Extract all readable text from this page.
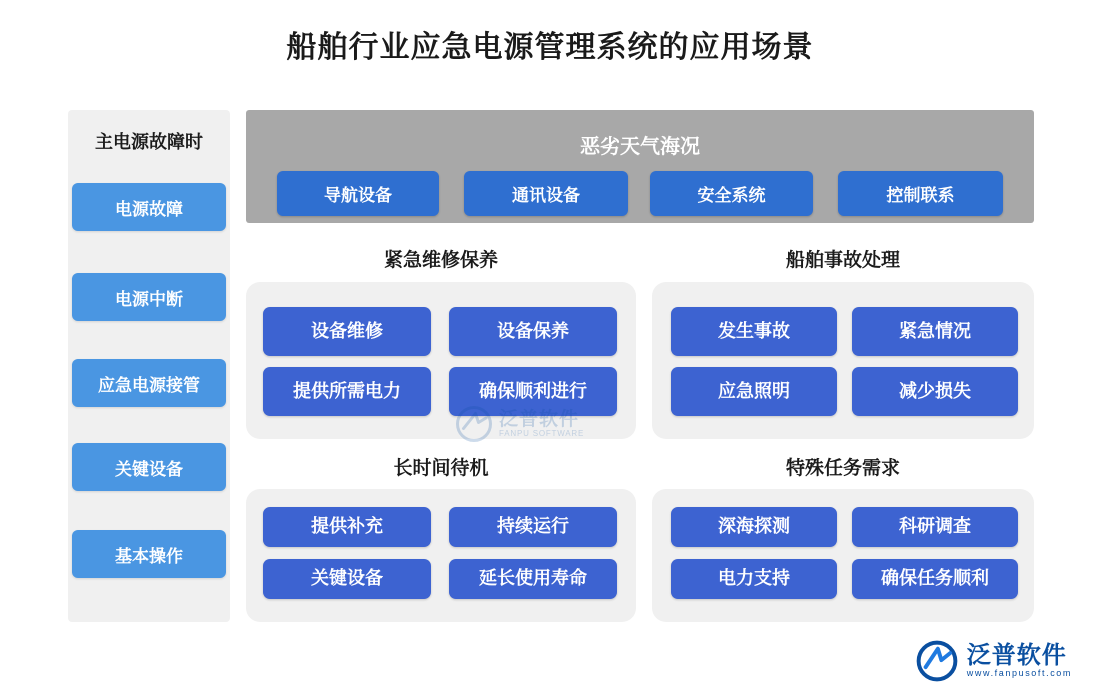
船舶行业应急电源管理系统的应用场景
主电源故障时
电源故障
电源中断
应急电源接管
关键设备
基本操作
恶劣天气海况
导航设备	通讯设备	安全系统	控制联系
紧急维修保养	船舶事故处理
长时间待机	特殊任务需求
设备维修	设备保养
提供所需电力	确保顺利进行
发生事故	紧急情况
应急照明	减少损失
提供补充	持续运行
关键设备	延长使用寿命
深海探测	科研调查
电力支持	确保任务顺利
泛普软件
FANPU SOFTWARE
泛普软件
www.fanpusoft.com
